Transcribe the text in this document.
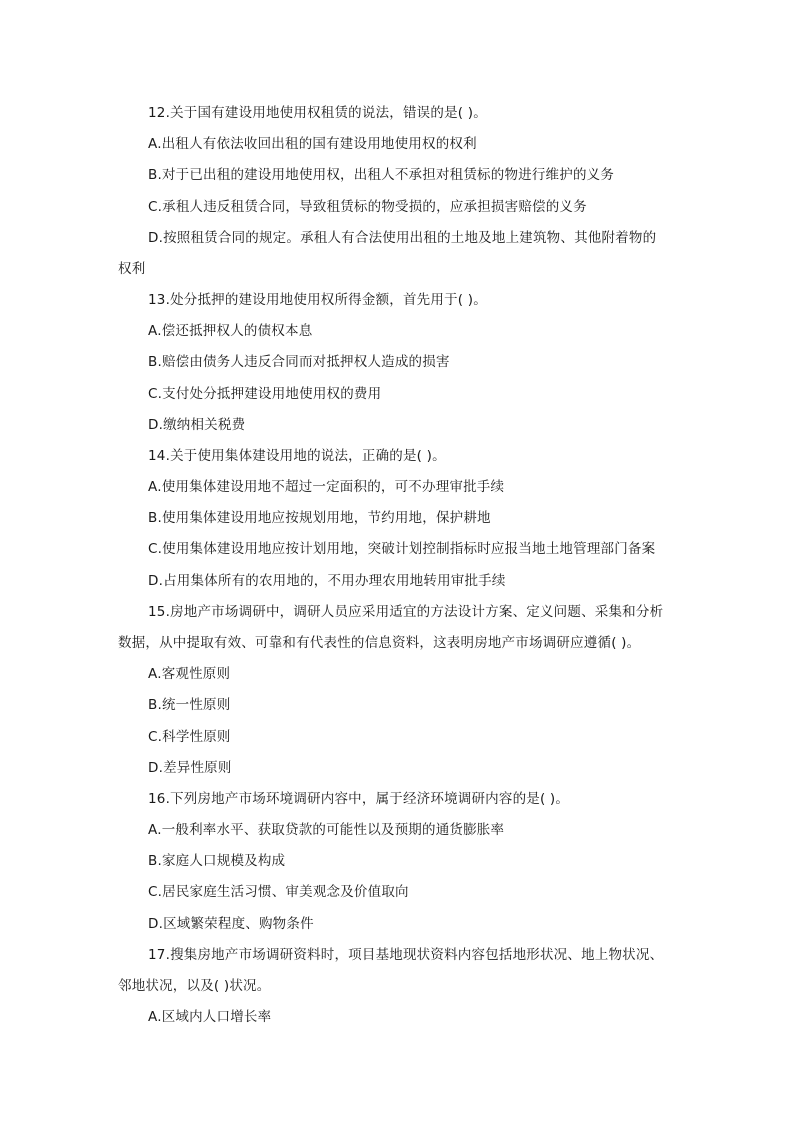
12.关于国有建设用地使用权租赁的说法，错误的是( )。
A.出租人有依法收回出租的国有建设用地使用权的权利
B.对于已出租的建设用地使用权，出租人不承担对租赁标的物进行维护的义务
C.承租人违反租赁合同，导致租赁标的物受损的，应承担损害赔偿的义务
D.按照租赁合同的规定。承租人有合法使用出租的土地及地上建筑物、其他附着物的
权利
13.处分抵押的建设用地使用权所得金额，首先用于( )。
A.偿还抵押权人的债权本息
B.赔偿由债务人违反合同而对抵押权人造成的损害
C.支付处分抵押建设用地使用权的费用
D.缴纳相关税费
14.关于使用集体建设用地的说法，正确的是( )。
A.使用集体建设用地不超过一定面积的，可不办理审批手续
B.使用集体建设用地应按规划用地，节约用地，保护耕地
C.使用集体建设用地应按计划用地，突破计划控制指标时应报当地土地管理部门备案
D.占用集体所有的农用地的，不用办理农用地转用审批手续
15.房地产市场调研中，调研人员应采用适宜的方法设计方案、定义问题、采集和分析
数据，从中提取有效、可靠和有代表性的信息资料，这表明房地产市场调研应遵循( )。
A.客观性原则
B.统一性原则
C.科学性原则
D.差异性原则
16.下列房地产市场环境调研内容中，属于经济环境调研内容的是( )。
A.一般利率水平、获取贷款的可能性以及预期的通货膨胀率
B.家庭人口规模及构成
C.居民家庭生活习惯、审美观念及价值取向
D.区域繁荣程度、购物条件
17.搜集房地产市场调研资料时，项目基地现状资料内容包括地形状况、地上物状况、
邻地状况，以及( )状况。
A.区域内人口增长率
